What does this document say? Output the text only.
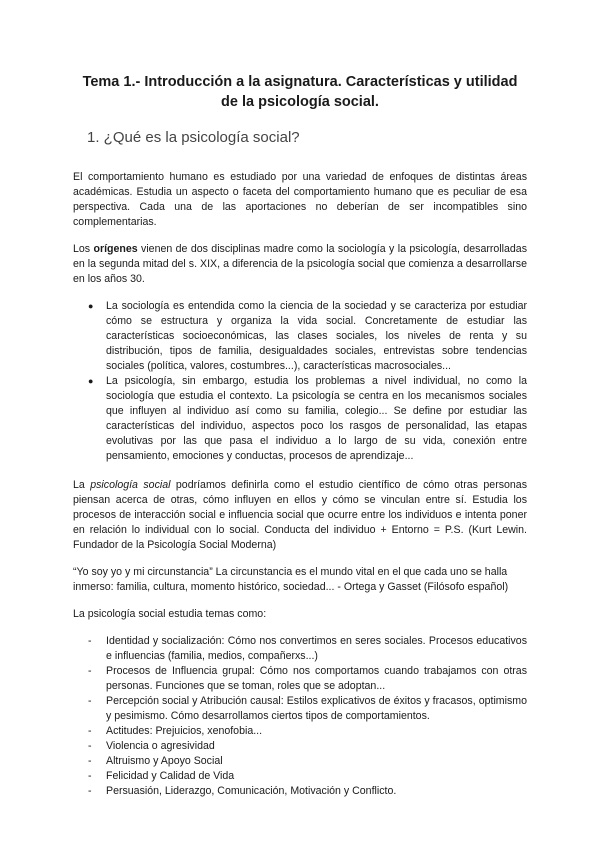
Tema 1.- Introducción a la asignatura. Características y utilidad
de la psicología social.
1. ¿Qué es la psicología social?

El comportamiento humano es estudiado por una variedad de enfoques de distintas áreas académicas. Estudia un aspecto o faceta del comportamiento humano que es peculiar de esa perspectiva. Cada una de las aportaciones no deberían de ser incompatibles sino complementarias.

Los orígenes vienen de dos disciplinas madre como la sociología y la psicología, desarrolladas en la segunda mitad del s. XIX, a diferencia de la psicología social que comienza a desarrollarse en los años 30.

● La sociología es entendida como la ciencia de la sociedad y se caracteriza por estudiar cómo se estructura y organiza la vida social. Concretamente de estudiar las características socioeconómicas, las clases sociales, los niveles de renta y su distribución, tipos de familia, desigualdades sociales, entrevistas sobre tendencias sociales (política, valores, costumbres...), características macrosociales...
● La psicología, sin embargo, estudia los problemas a nivel individual, no como la sociología que estudia el contexto. La psicología se centra en los mecanismos sociales que influyen al individuo así como su familia, colegio... Se define por estudiar las características del individuo, aspectos poco los rasgos de personalidad, las etapas evolutivas por las que pasa el individuo a lo largo de su vida, conexión entre pensamiento, emociones y conductas, procesos de aprendizaje...

La psicología social podríamos definirla como el estudio científico de cómo otras personas piensan acerca de otras, cómo influyen en ellos y cómo se vinculan entre sí. Estudia los procesos de interacción social e influencia social que ocurre entre los individuos e intenta poner en relación lo individual con lo social. Conducta del individuo + Entorno = P.S. (Kurt Lewin. Fundador de la Psicología Social Moderna)

“Yo soy yo y mi circunstancia” La circunstancia es el mundo vital en el que cada uno se halla inmerso: familia, cultura, momento histórico, sociedad... - Ortega y Gasset (Filósofo español)

La psicología social estudia temas como:

- Identidad y socialización: Cómo nos convertimos en seres sociales. Procesos educativos e influencias (familia, medios, compañerxs...)
- Procesos de Influencia grupal: Cómo nos comportamos cuando trabajamos con otras personas. Funciones que se toman, roles que se adoptan...
- Percepción social y Atribución causal: Estilos explicativos de éxitos y fracasos, optimismo y pesimismo. Cómo desarrollamos ciertos tipos de comportamientos.
- Actitudes: Prejuicios, xenofobia...
- Violencia o agresividad
- Altruismo y Apoyo Social
- Felicidad y Calidad de Vida
- Persuasión, Liderazgo, Comunicación, Motivación y Conflicto.
